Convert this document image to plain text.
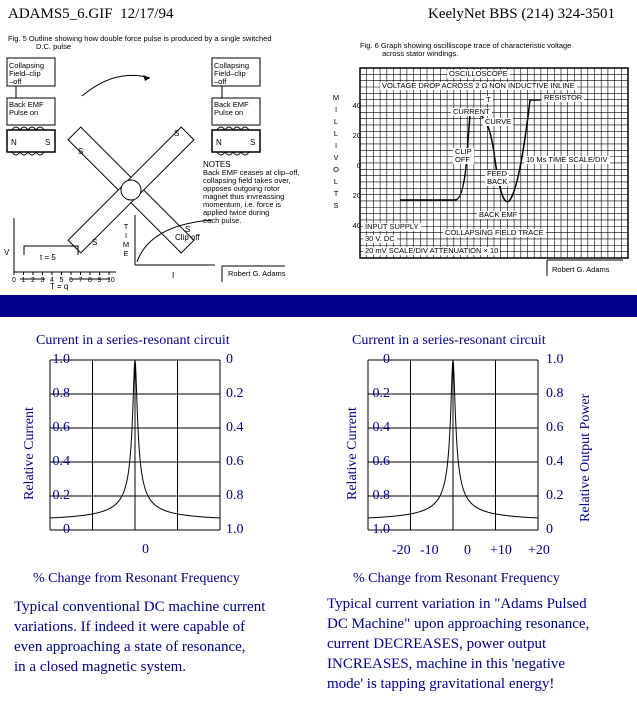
ADAMS5_6.GIF 12/17/94	KeelyNet BBS (214) 324-3501
Fig. 5 Outline showing how double force pulse is produced by a single switched
D.C. pulse
N	S
S
S
S
S
N	S
V
t = 5
0 1 2 3 4 5 6 7 8 9 10
T = q
Clip off
I
Collapsing
Field–clip
–off
Back EMF
Pulse on
Collapsing
Field–clip
–off
Back EMF
Pulse on
NOTES
Back EMF ceases at clip–off,
collapsing field takes over,
opposes outgoing rotor
magnet thus invreassing
momentum, i.e. force is
applied twice during
each pulse.
T
I
M
E
Robert G. Adams
Fig. 6 Graph showing oscilliscope trace of characteristic voltage
across stator windings.
M
I
L
L
I
V
O
L
T
S
40
20
0
20
40
OSCILLOSCOPE
VOLTAGE DROP ACROSS 2 Ω NON INDUCTIVE INLINE
RESISTOR
T
CURRENT
CURVE
CLIP
OFF
FEED
BACK
10 Ms TIME SCALE/DIV
BACK EMF
INPUT SUPPLY
30 V. DC
COLLAPSING FIELD TRACE
20 mV SCALE/DIV ATTENUATION × 10
Robert G. Adams
Current in a series-resonant circuit
1.0
0.8
0.6
0.4
0.2
0
0
0.2
0.4
0.6
0.8
1.0
0
Relative Current
% Change from Resonant Frequency
Typical conventional DC machine current
variations. If indeed it were capable of
even approaching a state of resonance,
in a closed magnetic system.
Current in a series-resonant circuit
0
0.2
0.4
0.6
0.8
1.0
1.0
0.8
0.6
0.4
0.2
0
-20 -10 0 +10 +20
Relative Current	Relative Output Power
% Change from Resonant Frequency
Typical current variation in "Adams Pulsed
DC Machine" upon approaching resonance,
current DECREASES, power output
INCREASES, machine in this 'negative
mode' is tapping gravitational energy!
